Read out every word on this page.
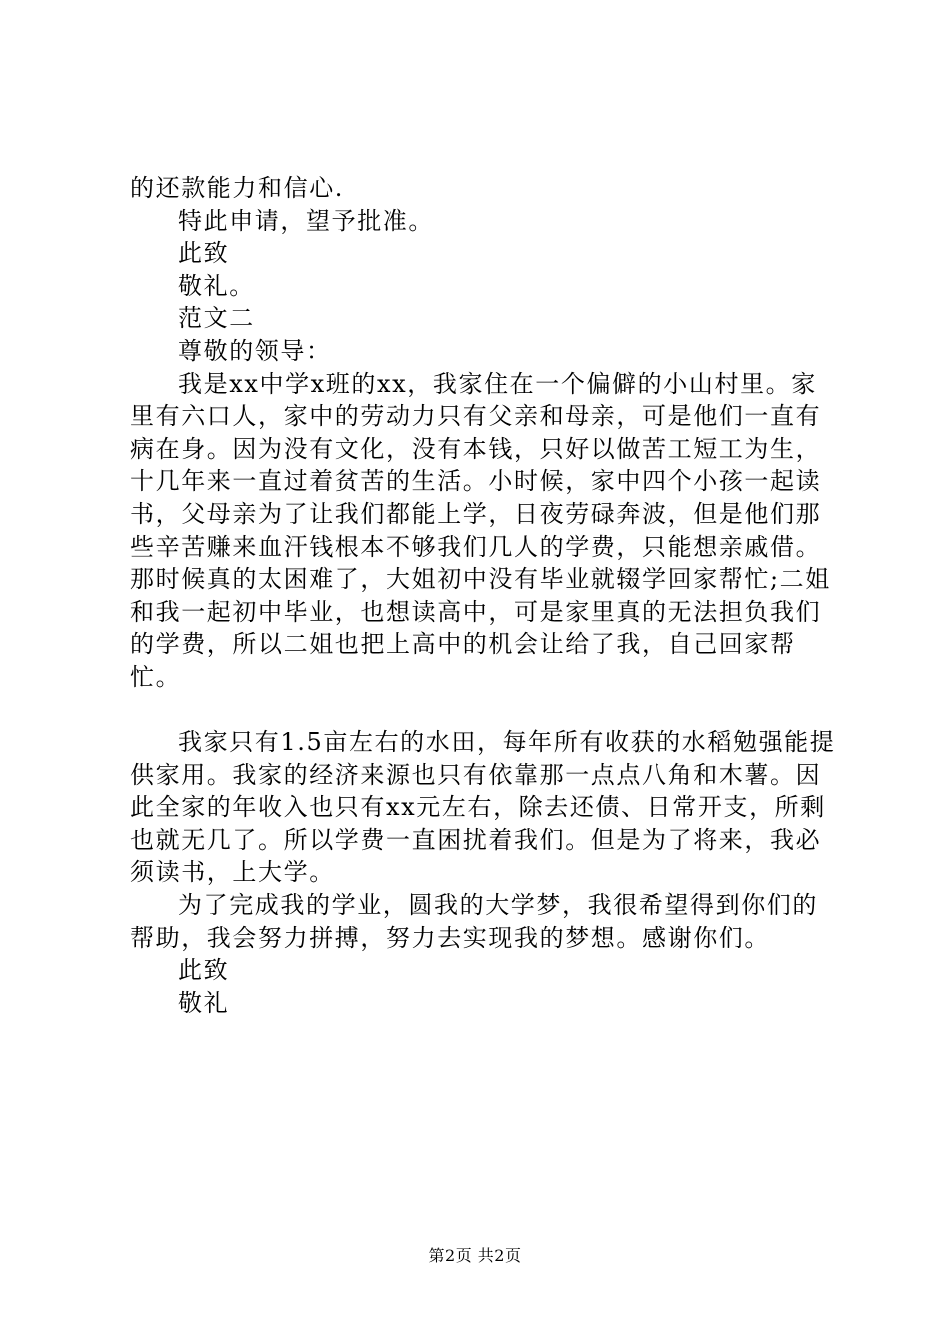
的还款能力和信心.

特此申请，望予批准。

此致

敬礼。

范文二

尊敬的领导：

我是xx中学x班的xx，我家住在一个偏僻的小山村里。家里有六口人，家中的劳动力只有父亲和母亲，可是他们一直有病在身。因为没有文化，没有本钱，只好以做苦工短工为生，十几年来一直过着贫苦的生活。小时候，家中四个小孩一起读书，父母亲为了让我们都能上学，日夜劳碌奔波，但是他们那些辛苦赚来血汗钱根本不够我们几人的学费，只能想亲戚借。那时候真的太困难了，大姐初中没有毕业就辍学回家帮忙;二姐和我一起初中毕业，也想读高中，可是家里真的无法担负我们的学费，所以二姐也把上高中的机会让给了我，自己回家帮忙。

我家只有1.5亩左右的水田，每年所有收获的水稻勉强能提供家用。我家的经济来源也只有依靠那一点点八角和木薯。因此全家的年收入也只有xx元左右，除去还债、日常开支，所剩也就无几了。所以学费一直困扰着我们。但是为了将来，我必须读书，上大学。

为了完成我的学业，圆我的大学梦，我很希望得到你们的帮助，我会努力拼搏，努力去实现我的梦想。感谢你们。

此致

敬礼

第2页 共2页
